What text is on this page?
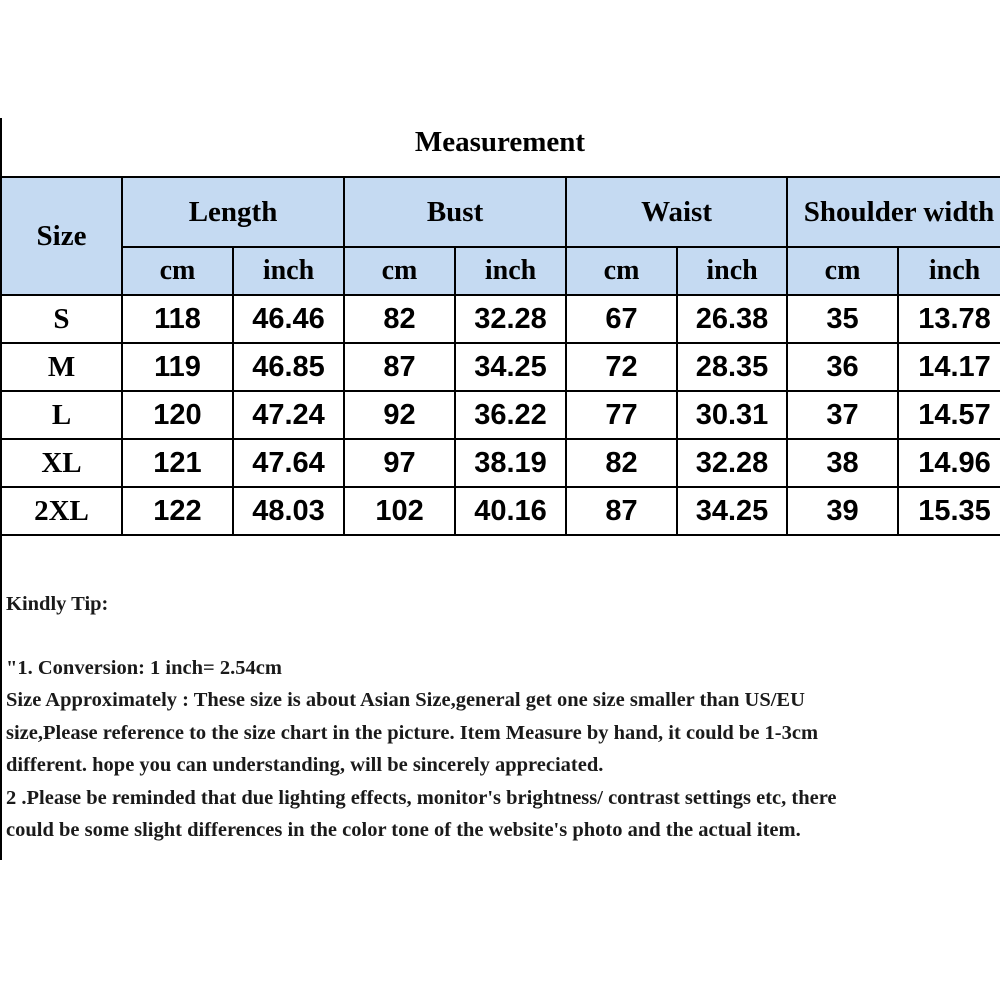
Measurement
Size	Length		Bust		Waist		Shoulder width	
	cm	inch	cm	inch	cm	inch	cm	inch
S	118	46.46	82	32.28	67	26.38	35	13.78
M	119	46.85	87	34.25	72	28.35	36	14.17
L	120	47.24	92	36.22	77	30.31	37	14.57
XL	121	47.64	97	38.19	82	32.28	38	14.96
2XL	122	48.03	102	40.16	87	34.25	39	15.35

Kindly Tip:

"1. Conversion: 1 inch= 2.54cm

Size Approximately : These size is about Asian Size,general get one size smaller than US/EU

size,Please reference to the size chart in the picture. Item Measure by hand, it could be 1-3cm

different. hope you can understanding, will be sincerely appreciated.

2 .Please be reminded that due lighting effects, monitor's brightness/ contrast settings etc, there

could be some slight differences in the color tone of the website's photo and the actual item.
